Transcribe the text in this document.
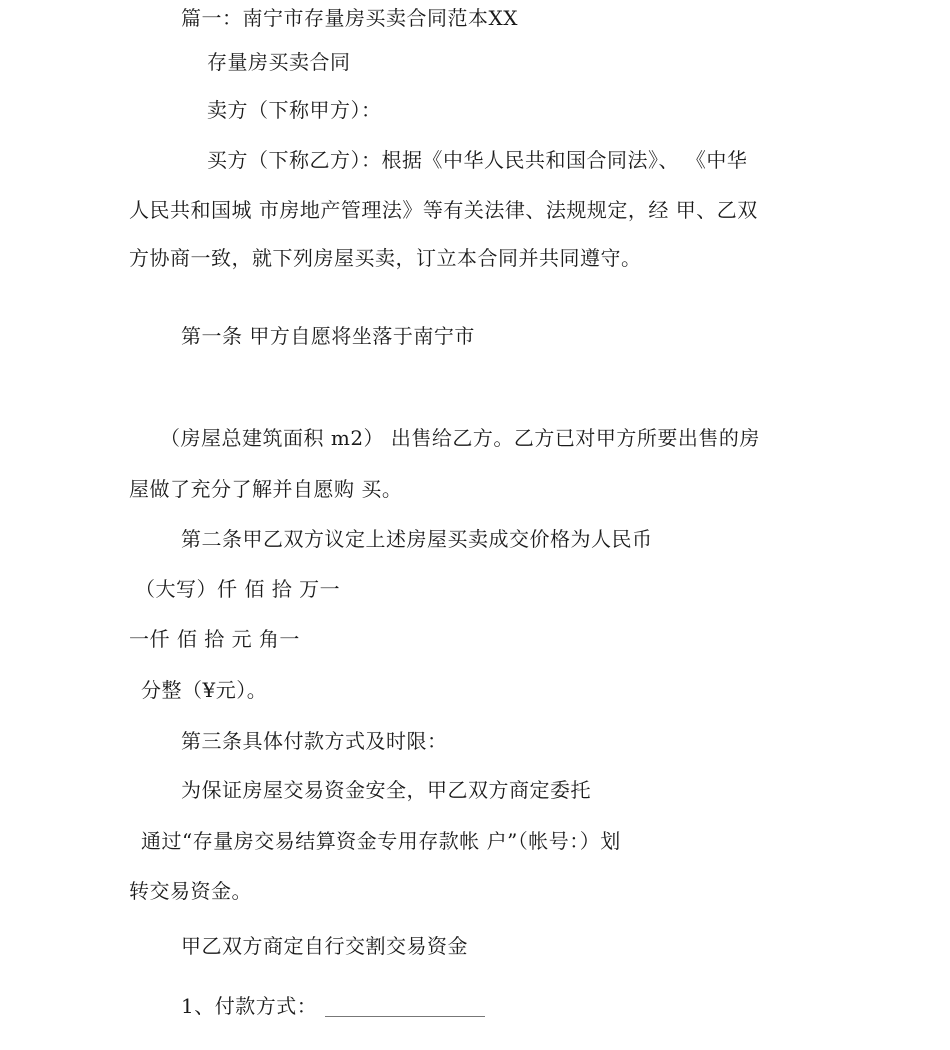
篇一：南宁市存量房买卖合同范本XX
存量房买卖合同
卖方（下称甲方）：
买方（下称乙方）：根据《中华人民共和国合同法》、 《中华
人民共和国城 市房地产管理法》等有关法律、法规规定，经 甲、乙双
方协商一致，就下列房屋买卖，订立本合同并共同遵守。
第一条 甲方自愿将坐落于南宁市
（房屋总建筑面积 m2） 出售给乙方。乙方已对甲方所要出售的房
屋做了充分了解并自愿购 买。
第二条甲乙双方议定上述房屋买卖成交价格为人民币
（大写）仟 佰 拾 万一
一仟 佰 拾 元 角一
分整（¥元）。
第三条具体付款方式及时限：
为保证房屋交易资金安全，甲乙双方商定委托
通过“存量房交易结算资金专用存款帐 户”（帐号：）划
转交易资金。
甲乙双方商定自行交割交易资金
1、付款方式：
